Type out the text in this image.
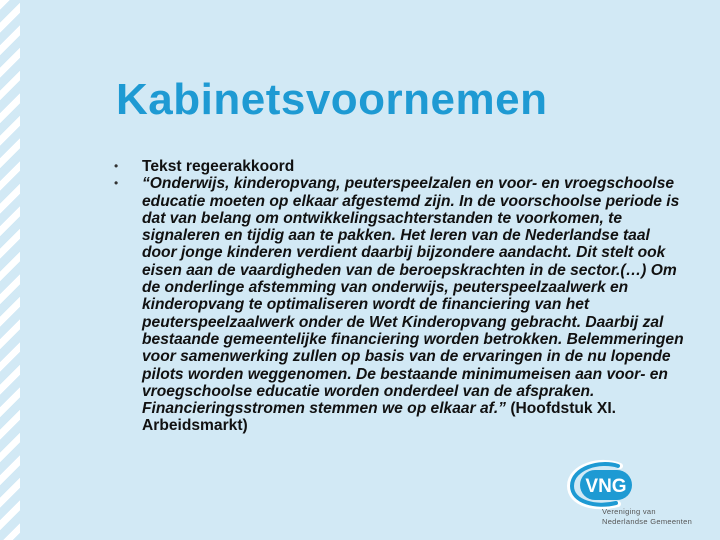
Kabinetsvoornemen
• Tekst regeerakkoord
• “Onderwijs, kinderopvang, peuterspeelzalen en voor- en vroegschoolse educatie moeten op elkaar afgestemd zijn. In de voorschoolse periode is dat van belang om ontwikkelingsachterstanden te voorkomen, te signaleren en tijdig aan te pakken. Het leren van de Nederlandse taal door jonge kinderen verdient daarbij bijzondere aandacht. Dit stelt ook eisen aan de vaardigheden van de beroepskrachten in de sector.(…) Om de onderlinge afstemming van onderwijs, peuterspeelzaalwerk en kinderopvang te optimaliseren wordt de financiering van het peuterspeelzaalwerk onder de Wet Kinderopvang gebracht. Daarbij zal bestaande gemeentelijke financiering worden betrokken. Belemmeringen voor samenwerking zullen op basis van de ervaringen in de nu lopende pilots worden weggenomen. De bestaande minimumeisen aan voor- en vroegschoolse educatie worden onderdeel van de afspraken. Financieringsstromen stemmen we op elkaar af.” (Hoofdstuk XI. Arbeidsmarkt)
VNG
Vereniging van
Nederlandse Gemeenten
